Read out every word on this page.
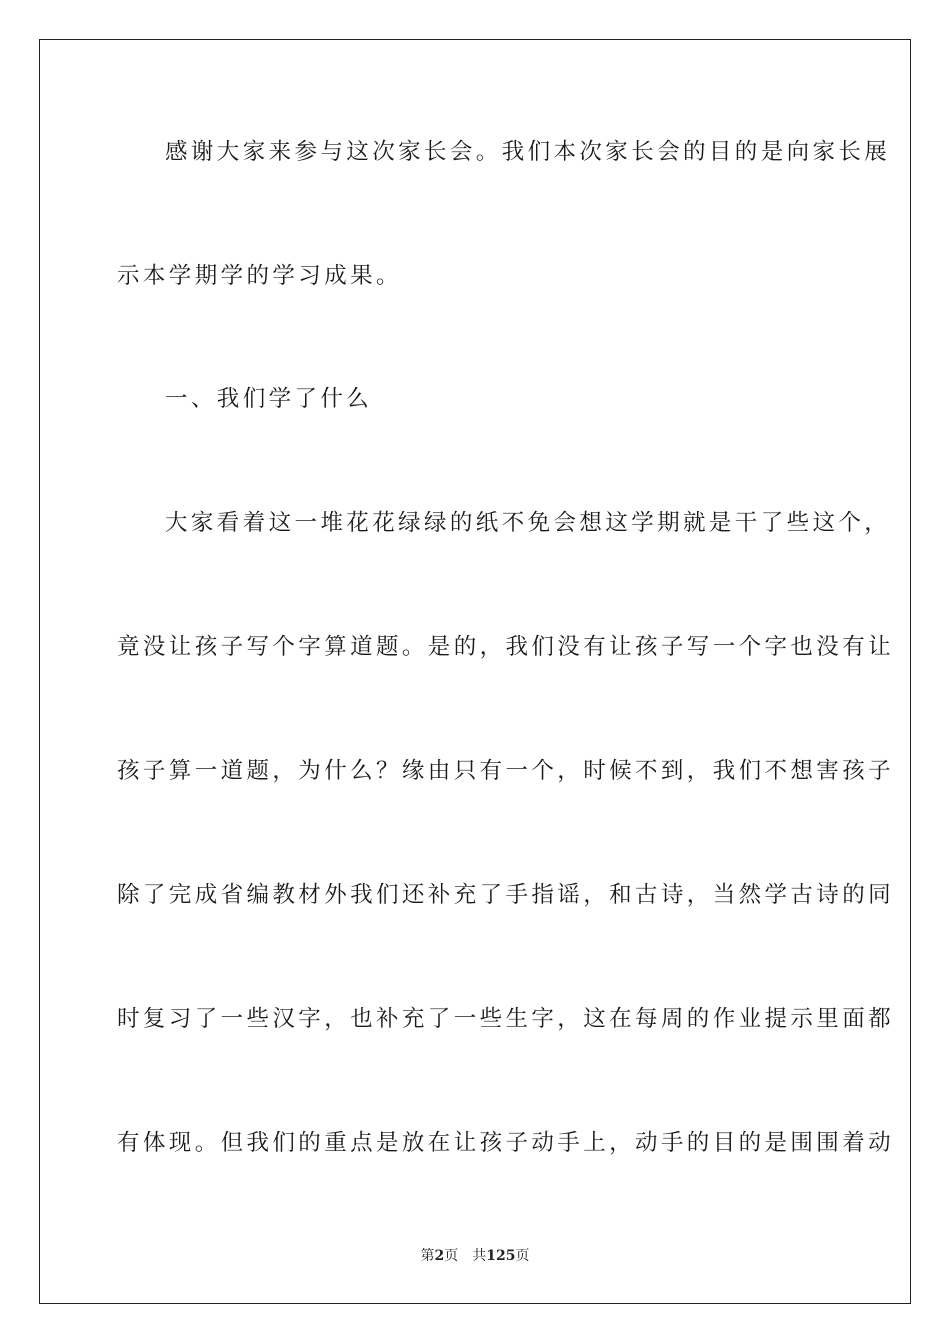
感谢大家来参与这次家长会。我们本次家长会的目的是向家长展
示本学期学的学习成果。
一、我们学了什么
大家看着这一堆花花绿绿的纸不免会想这学期就是干了些这个，
竟没让孩子写个字算道题。是的，我们没有让孩子写一个字也没有让
孩子算一道题，为什么？缘由只有一个，时候不到，我们不想害孩子
除了完成省编教材外我们还补充了手指谣，和古诗，当然学古诗的同
时复习了一些汉字，也补充了一些生字，这在每周的作业提示里面都
有体现。但我们的重点是放在让孩子动手上，动手的目的是围围着动
第2页 共125页
